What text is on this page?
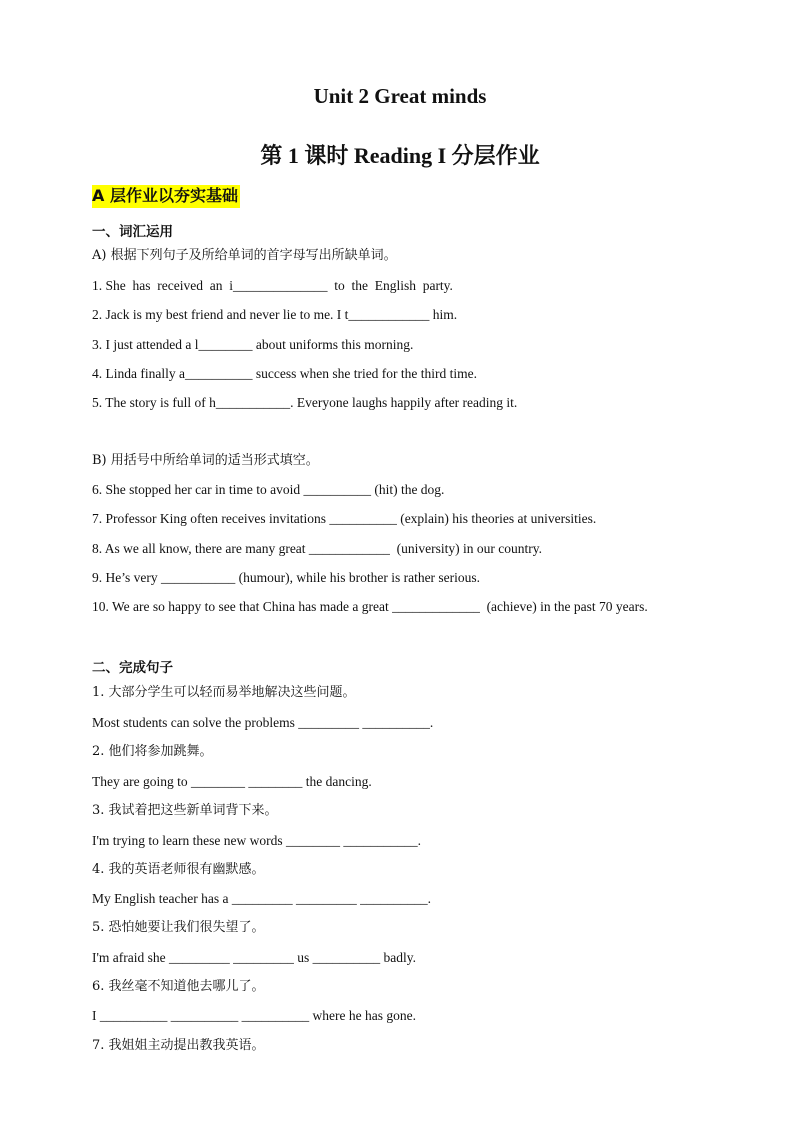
Unit 2 Great minds
第 1 课时 Reading I 分层作业
A 层作业以夯实基础
一、词汇运用
A) 根据下列句子及所给单词的首字母写出所缺单词。
1. She  has  received  an  i______________  to  the  English  party.
2. Jack is my best friend and never lie to me. I t____________ him.
3. I just attended a l________ about uniforms this morning.
4. Linda finally a__________ success when she tried for the third time.
5. The story is full of h___________. Everyone laughs happily after reading it.
B) 用括号中所给单词的适当形式填空。
6. She stopped her car in time to avoid __________ (hit) the dog.
7. Professor King often receives invitations __________ (explain) his theories at universities.
8. As we all know, there are many great ____________  (university) in our country.
9. He’s very ___________ (humour), while his brother is rather serious.
10. We are so happy to see that China has made a great _____________  (achieve) in the past 70 years.
二、完成句子
1. 大部分学生可以轻而易举地解决这些问题。
Most students can solve the problems _________ __________.
2. 他们将参加跳舞。
They are going to ________ ________ the dancing.
3. 我试着把这些新单词背下来。
I'm trying to learn these new words ________ ___________.
4. 我的英语老师很有幽默感。
My English teacher has a _________ _________ __________.
5. 恐怕她要让我们很失望了。
I'm afraid she _________ _________ us __________ badly.
6. 我丝毫不知道他去哪儿了。
I __________ __________ __________ where he has gone.
7. 我姐姐主动提出教我英语。
